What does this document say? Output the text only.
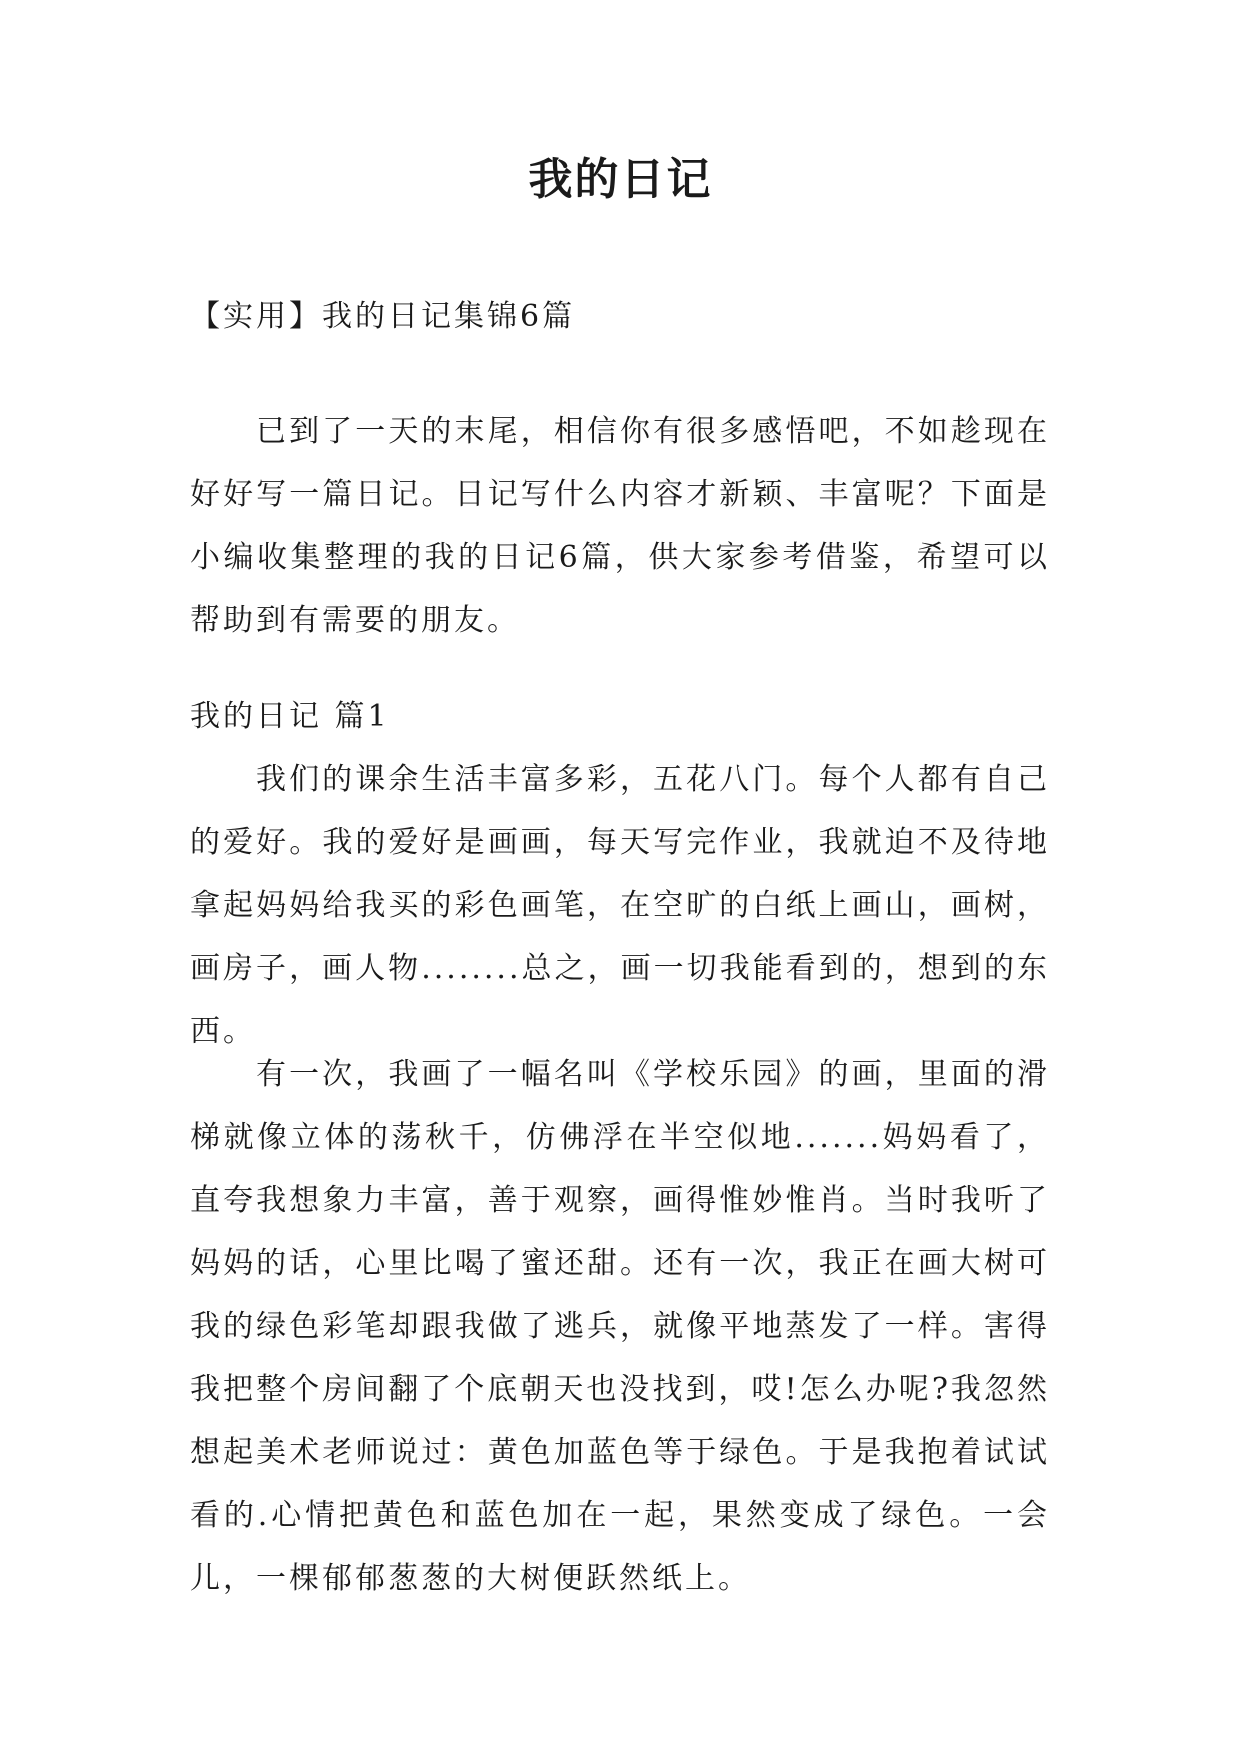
我的日记

【实用】我的日记集锦6篇

已到了一天的末尾，相信你有很多感悟吧，不如趁现在好好写一篇日记。日记写什么内容才新颖、丰富呢？下面是小编收集整理的我的日记6篇，供大家参考借鉴，希望可以帮助到有需要的朋友。

我的日记 篇1

我们的课余生活丰富多彩，五花八门。每个人都有自己的爱好。我的爱好是画画，每天写完作业，我就迫不及待地拿起妈妈给我买的彩色画笔，在空旷的白纸上画山，画树，画房子，画人物........总之，画一切我能看到的，想到的东西。

有一次，我画了一幅名叫《学校乐园》的画，里面的滑梯就像立体的荡秋千，仿佛浮在半空似地.......妈妈看了，直夸我想象力丰富，善于观察，画得惟妙惟肖。当时我听了妈妈的话，心里比喝了蜜还甜。还有一次，我正在画大树可我的绿色彩笔却跟我做了逃兵，就像平地蒸发了一样。害得我把整个房间翻了个底朝天也没找到，哎!怎么办呢?我忽然想起美术老师说过：黄色加蓝色等于绿色。于是我抱着试试看的.心情把黄色和蓝色加在一起，果然变成了绿色。一会儿，一棵郁郁葱葱的大树便跃然纸上。
